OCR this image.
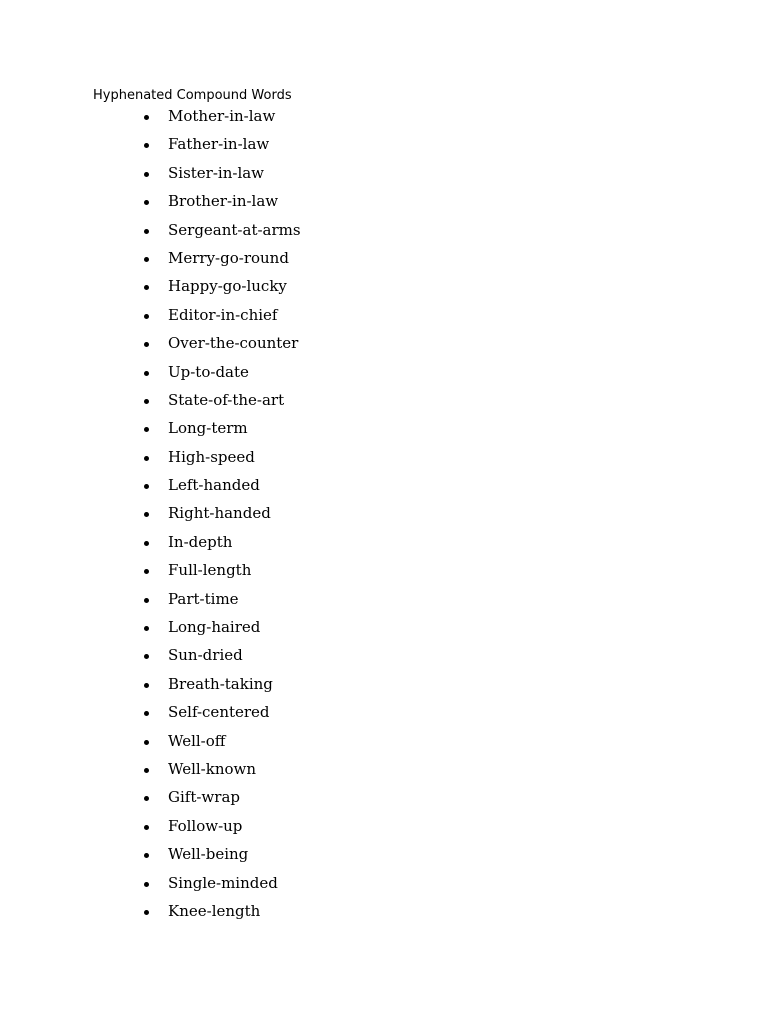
Hyphenated Compound Words
Mother-in-law
Father-in-law
Sister-in-law
Brother-in-law
Sergeant-at-arms
Merry-go-round
Happy-go-lucky
Editor-in-chief
Over-the-counter
Up-to-date
State-of-the-art
Long-term
High-speed
Left-handed
Right-handed
In-depth
Full-length
Part-time
Long-haired
Sun-dried
Breath-taking
Self-centered
Well-off
Well-known
Gift-wrap
Follow-up
Well-being
Single-minded
Knee-length
